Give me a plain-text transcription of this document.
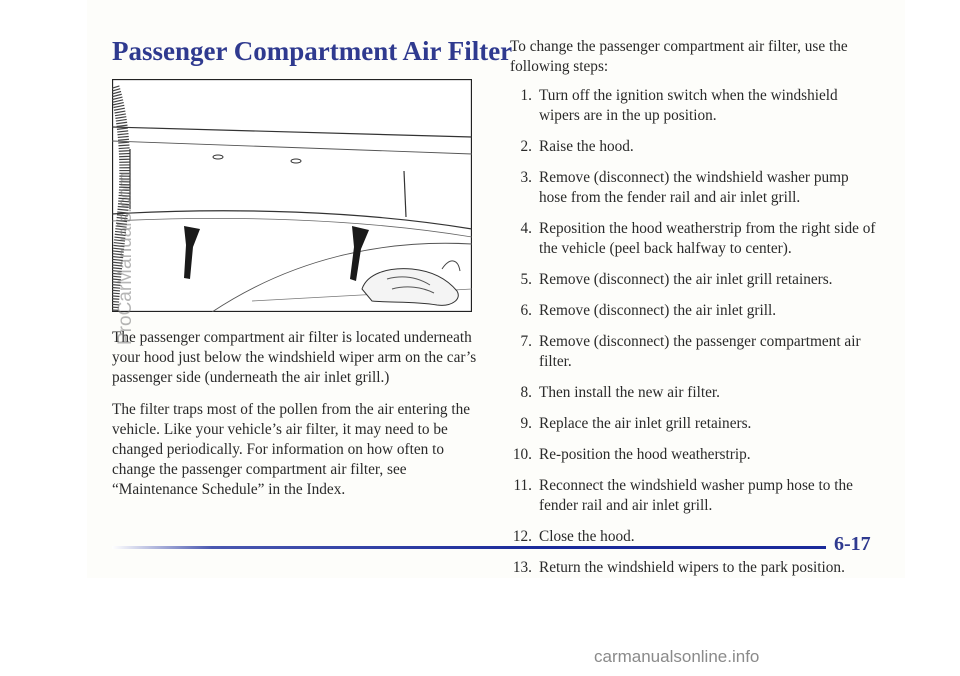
Passenger Compartment Air Filter

The passenger compartment air filter is located underneath your hood just below the windshield wiper arm on the car’s passenger side (underneath the air inlet grill.)

The filter traps most of the pollen from the air entering the vehicle. Like your vehicle’s air filter, it may need to be changed periodically. For information on how often to change the passenger compartment air filter, see “Maintenance Schedule” in the Index.

To change the passenger compartment air filter, use the following steps:

1. Turn off the ignition switch when the windshield wipers are in the up position.
2. Raise the hood.
3. Remove (disconnect) the windshield washer pump hose from the fender rail and air inlet grill.
4. Reposition the hood weatherstrip from the right side of the vehicle (peel back halfway to center).
5. Remove (disconnect) the air inlet grill retainers.
6. Remove (disconnect) the air inlet grill.
7. Remove (disconnect) the passenger compartment air filter.
8. Then install the new air filter.
9. Replace the air inlet grill retainers.
10. Re-position the hood weatherstrip.
11. Reconnect the windshield washer pump hose to the fender rail and air inlet grill.
12. Close the hood.
13. Return the windshield wipers to the park position.
6-17
ProCarManuals.com
carmanualsonline.info
